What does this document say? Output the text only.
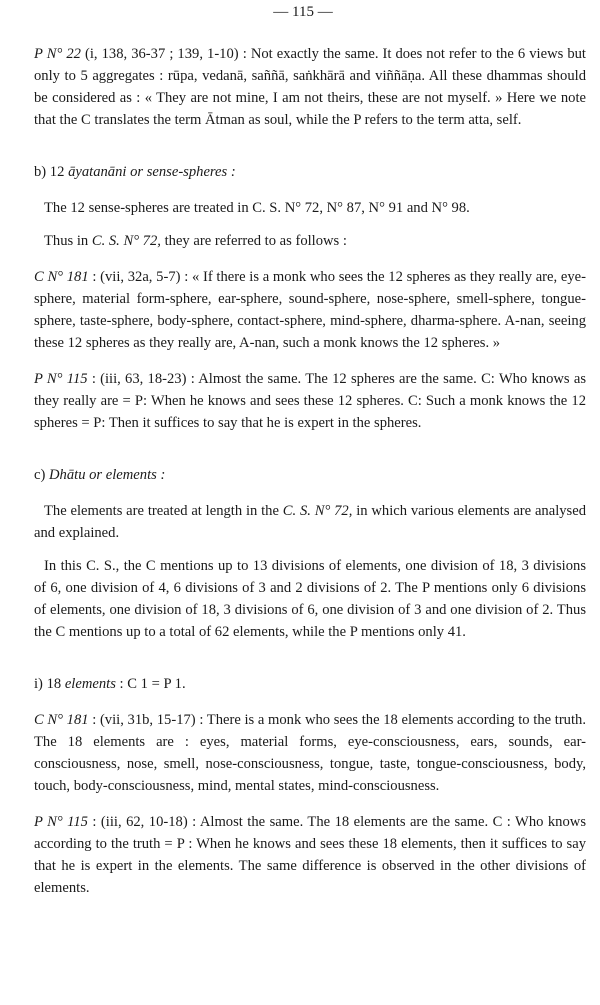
— 115 —

P N° 22 (i, 138, 36-37 ; 139, 1-10) : Not exactly the same. It does not refer to the 6 views but only to 5 aggregates : rūpa, vedanā, saññā, saṅkhārā and viññāṇa. All these dhammas should be considered as : « They are not mine, I am not theirs, these are not myself. » Here we note that the C translates the term Ātman as soul, while the P refers to the term atta, self.

b) 12 āyatanāni or sense-spheres :

The 12 sense-spheres are treated in C. S. N° 72, N° 87, N° 91 and N° 98.

Thus in C. S. N° 72, they are referred to as follows :

C N° 181 : (vii, 32a, 5-7) : « If there is a monk who sees the 12 spheres as they really are, eye-sphere, material form-sphere, ear-sphere, sound-sphere, nose-sphere, smell-sphere, tongue-sphere, taste-sphere, body-sphere, contact-sphere, mind-sphere, dharma-sphere. A-nan, seeing these 12 spheres as they really are, A-nan, such a monk knows the 12 spheres. »

P N° 115 : (iii, 63, 18-23) : Almost the same. The 12 spheres are the same. C: Who knows as they really are = P: When he knows and sees these 12 spheres. C: Such a monk knows the 12 spheres = P: Then it suffices to say that he is expert in the spheres.

c) Dhātu or elements :

The elements are treated at length in the C. S. N° 72, in which various elements are analysed and explained.

In this C. S., the C mentions up to 13 divisions of elements, one division of 18, 3 divisions of 6, one division of 4, 6 divisions of 3 and 2 divisions of 2. The P mentions only 6 divisions of elements, one division of 18, 3 divisions of 6, one division of 3 and one division of 2. Thus the C mentions up to a total of 62 elements, while the P mentions only 41.

i) 18 elements : C 1 = P 1.

C N° 181 : (vii, 31b, 15-17) : There is a monk who sees the 18 elements according to the truth. The 18 elements are : eyes, material forms, eye-consciousness, ears, sounds, ear-consciousness, nose, smell, nose-consciousness, tongue, taste, tongue-consciousness, body, touch, body-consciousness, mind, mental states, mind-consciousness.

P N° 115 : (iii, 62, 10-18) : Almost the same. The 18 elements are the same. C : Who knows according to the truth = P : When he knows and sees these 18 elements, then it suffices to say that he is expert in the elements. The same difference is observed in the other divisions of elements.
